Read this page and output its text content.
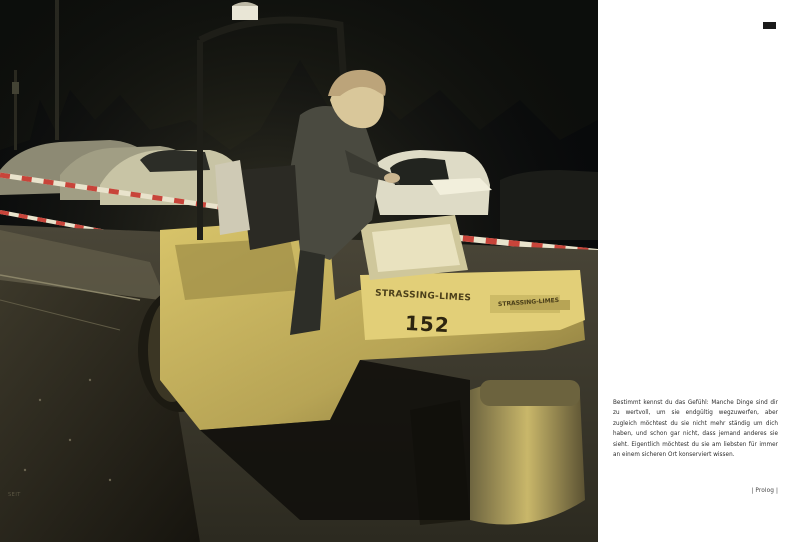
STRASSING-LIMES
152
STRASSING-LIMES
SEIT

Bestimmt kennst du das Gefühl: Manche Dinge sind dir zu wertvoll, um sie endgültig wegzuwerfen, aber zugleich möchtest du sie nicht mehr ständig um dich haben, und schon gar nicht, dass jemand anderes sie sieht. Eigentlich möchtest du sie am liebsten für immer an einem sicheren Ort konserviert wissen.

| Prolog |
